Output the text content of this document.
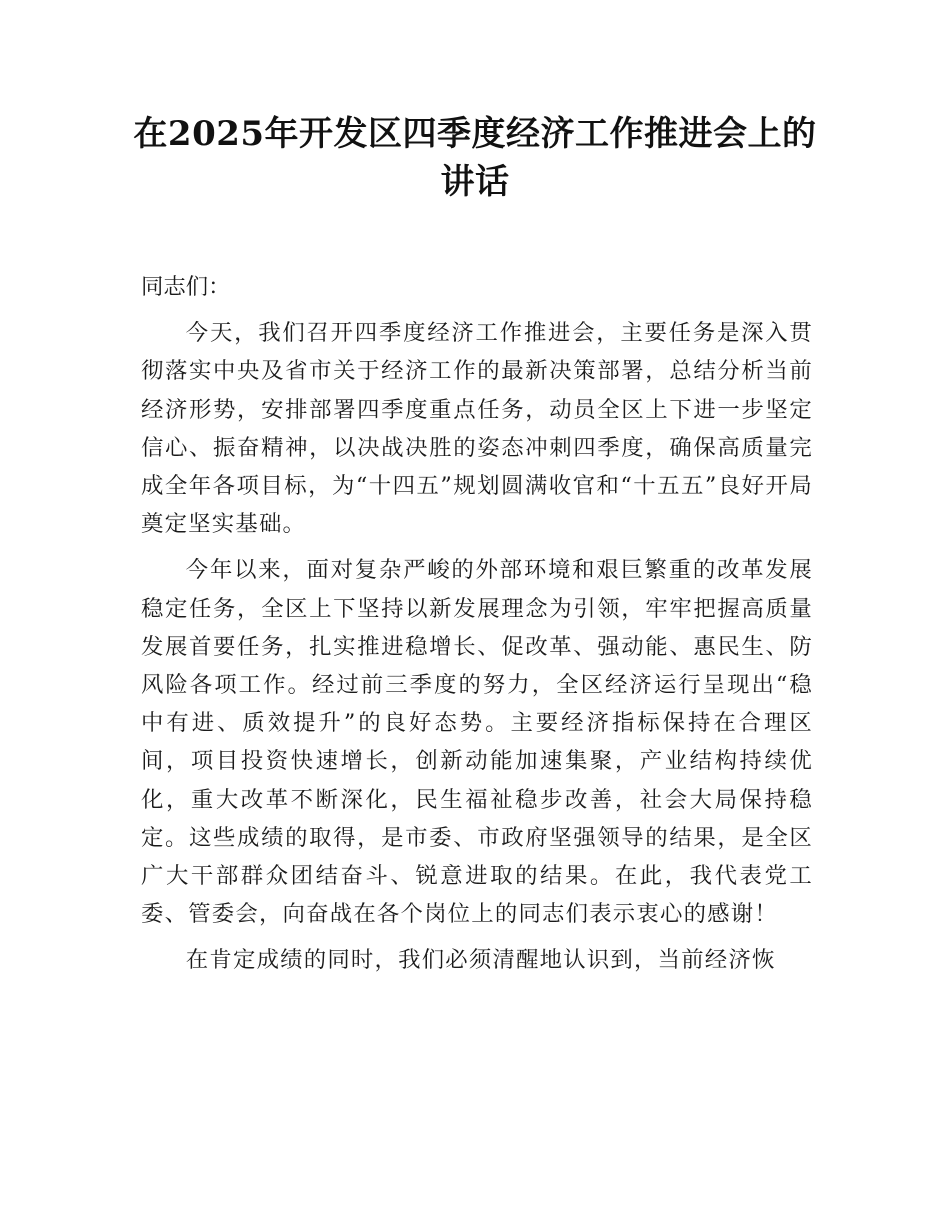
在2025年开发区四季度经济工作推进会上的
讲话

同志们：

今天，我们召开四季度经济工作推进会，主要任务是深入贯彻落实中央及省市关于经济工作的最新决策部署，总结分析当前经济形势，安排部署四季度重点任务，动员全区上下进一步坚定信心、振奋精神，以决战决胜的姿态冲刺四季度，确保高质量完成全年各项目标，为“十四五”规划圆满收官和“十五五”良好开局奠定坚实基础。

今年以来，面对复杂严峻的外部环境和艰巨繁重的改革发展稳定任务，全区上下坚持以新发展理念为引领，牢牢把握高质量发展首要任务，扎实推进稳增长、促改革、强动能、惠民生、防风险各项工作。经过前三季度的努力，全区经济运行呈现出“稳中有进、质效提升”的良好态势。主要经济指标保持在合理区间，项目投资快速增长，创新动能加速集聚，产业结构持续优化，重大改革不断深化，民生福祉稳步改善，社会大局保持稳定。这些成绩的取得，是市委、市政府坚强领导的结果，是全区广大干部群众团结奋斗、锐意进取的结果。在此，我代表党工委、管委会，向奋战在各个岗位上的同志们表示衷心的感谢！

在肯定成绩的同时，我们必须清醒地认识到，当前经济恢
